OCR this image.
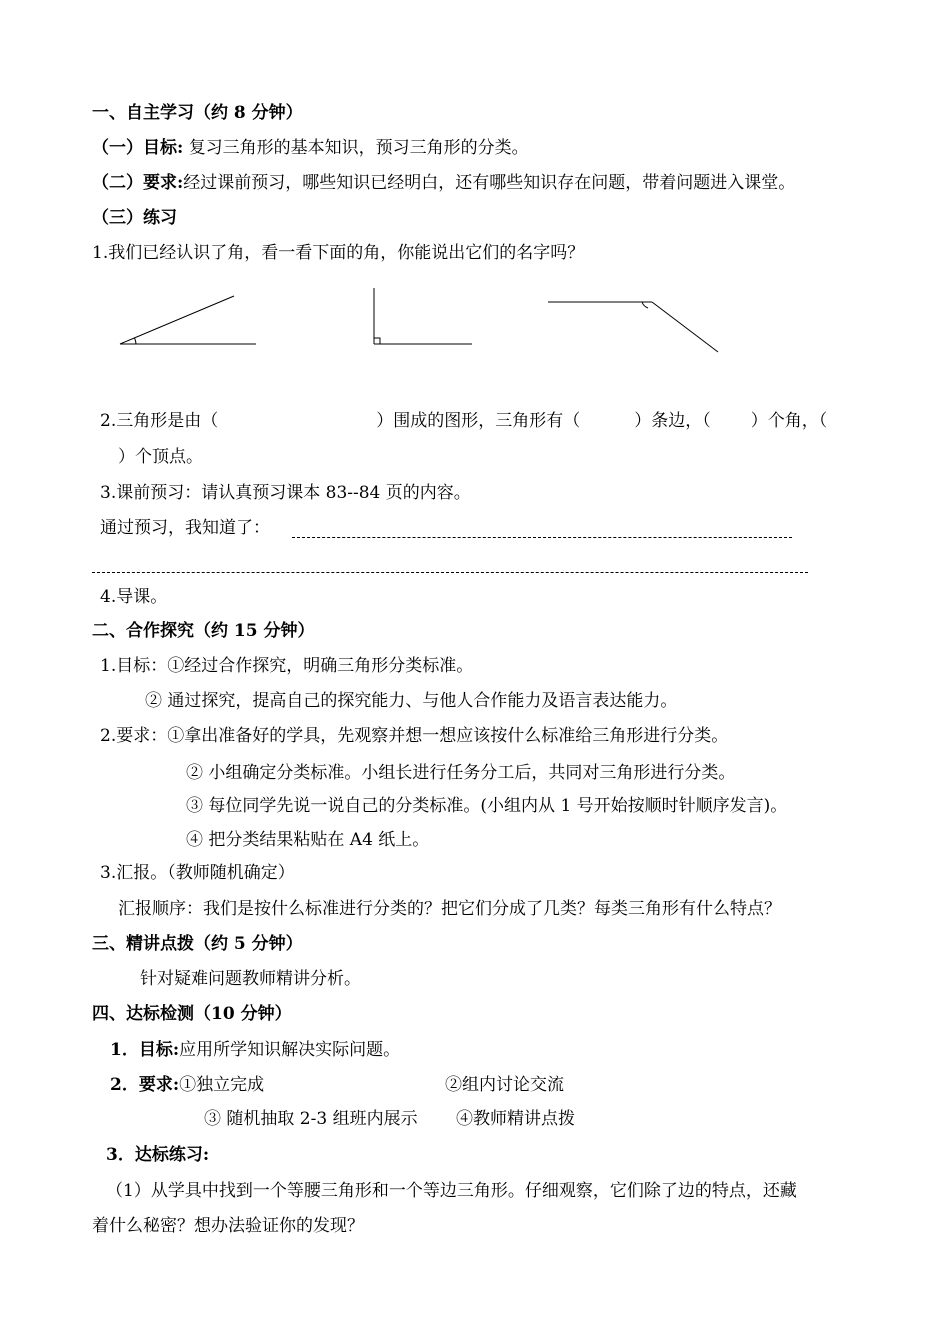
一、自主学习（约 8 分钟）
（一）目标: 复习三角形的基本知识，预习三角形的分类。
（二）要求:经过课前预习，哪些知识已经明白，还有哪些知识存在问题，带着问题进入课堂。
（三）练习
1.我们已经认识了角，看一看下面的角，你能说出它们的名字吗？
2.三角形是由（	）围成的图形，三角形有（	）条边，（ ）个角，（
）个顶点。
3.课前预习：请认真预习课本 83--84 页的内容。
通过预习，我知道了：
4.导课。
二、合作探究（约 15 分钟）
1.目标：①经过合作探究，明确三角形分类标准。
② 通过探究，提高自己的探究能力、与他人合作能力及语言表达能力。
2.要求：①拿出准备好的学具，先观察并想一想应该按什么标准给三角形进行分类。
② 小组确定分类标准。小组长进行任务分工后，共同对三角形进行分类。
③ 每位同学先说一说自己的分类标准。(小组内从 1 号开始按顺时针顺序发言)。
④ 把分类结果粘贴在 A4 纸上。
3.汇报。（教师随机确定）
汇报顺序：我们是按什么标准进行分类的？把它们分成了几类？每类三角形有什么特点？
三、精讲点拨（约 5 分钟）
针对疑难问题教师精讲分析。
四、达标检测（10 分钟）
1．目标:应用所学知识解决实际问题。
2．要求:①独立完成	②组内讨论交流
③ 随机抽取 2-3 组班内展示 ④教师精讲点拨
3．达标练习:
（1）从学具中找到一个等腰三角形和一个等边三角形。仔细观察，它们除了边的特点，还藏
着什么秘密？想办法验证你的发现？
